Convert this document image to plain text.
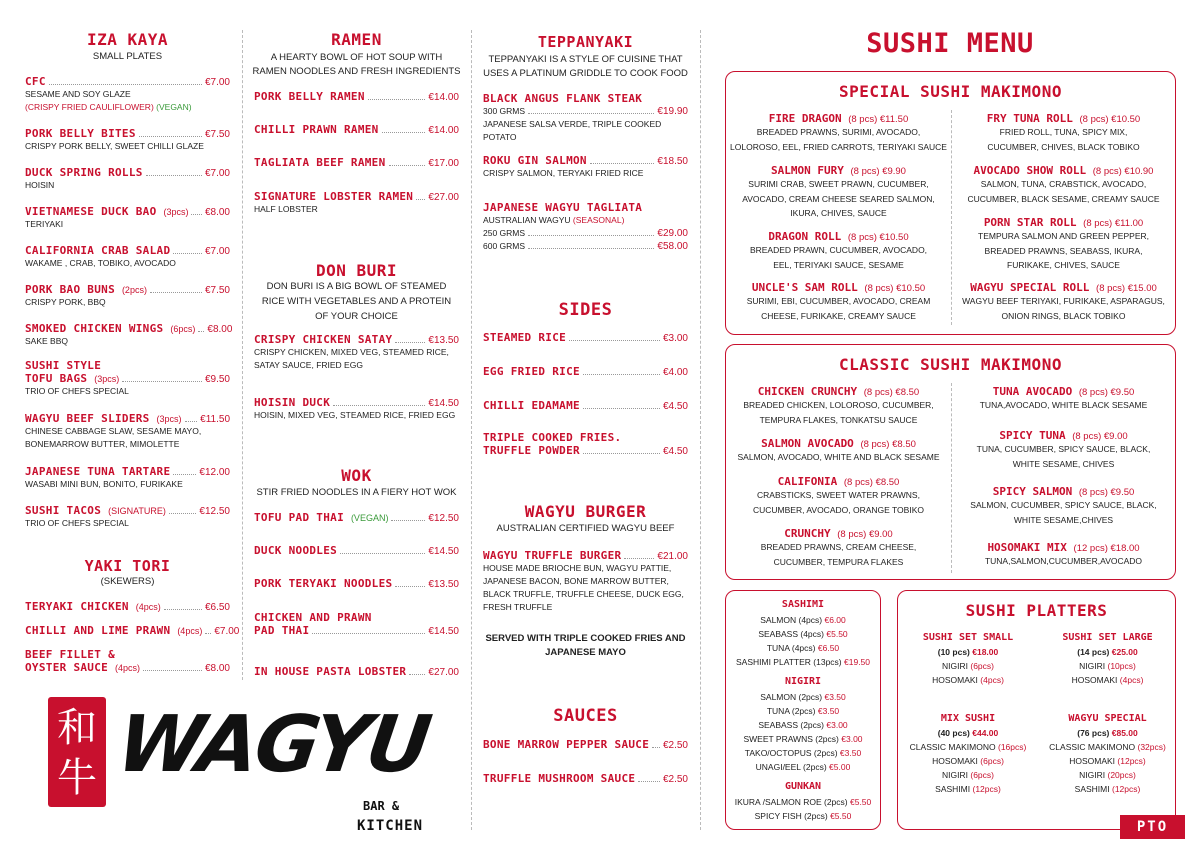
IZA KAYA
SMALL PLATES
CFC	€7.00
SESAME AND SOY GLAZE
(CRISPY FRIED CAULIFLOWER) (VEGAN)
PORK BELLY BITES	€7.50
CRISPY PORK BELLY, SWEET CHILLI GLAZE
DUCK SPRING ROLLS	€7.00
HOISIN
VIETNAMESE DUCK BAO (3pcs) €8.00
TERIYAKI
CALIFORNIA CRAB SALAD	€7.00
WAKAME , CRAB, TOBIKO, AVOCADO
PORK BAO BUNS (2pcs)	€7.50
CRISPY PORK, BBQ
SMOKED CHICKEN WINGS (6pcs) €8.00
SAKE BBQ
SUSHI STYLE
TOFU BAGS (3pcs)	€9.50
TRIO OF CHEFS SPECIAL
WAGYU BEEF SLIDERS (3pcs) €11.50
CHINESE CABBAGE SLAW, SESAME MAYO,
BONEMARROW BUTTER, MIMOLETTE
JAPANESE TUNA TARTARE	€12.00
WASABI MINI BUN, BONITO, FURIKAKE
SUSHI TACOS (SIGNATURE)	€12.50
TRIO OF CHEFS SPECIAL
YAKI TORI
(SKEWERS)
TERYAKI CHICKEN (4pcs)	€6.50
CHILLI AND LIME PRAWN (4pcs) €7.00
BEEF FILLET &
OYSTER SAUCE (4pcs)	€8.00
和牛 WAGYU
BAR &
KITCHEN
RAMEN
A HEARTY BOWL OF HOT SOUP WITH
RAMEN NOODLES AND FRESH INGREDIENTS
PORK BELLY RAMEN	€14.00
CHILLI PRAWN RAMEN	€14.00
TAGLIATA BEEF RAMEN	€17.00
SIGNATURE LOBSTER RAMEN €27.00
HALF LOBSTER
DON BURI
DON BURI IS A BIG BOWL OF STEAMED
RICE WITH VEGETABLES AND A PROTEIN
OF YOUR CHOICE
CRISPY CHICKEN SATAY	€13.50
CRISPY CHICKEN, MIXED VEG, STEAMED RICE,
SATAY SAUCE, FRIED EGG
HOISIN DUCK	€14.50
HOISIN, MIXED VEG, STEAMED RICE, FRIED EGG
WOK
STIR FRIED NOODLES IN A FIERY HOT WOK
TOFU PAD THAI (VEGAN)	€12.50
DUCK NOODLES	€14.50
PORK TERYAKI NOODLES	€13.50
CHICKEN AND PRAWN
PAD THAI	€14.50
IN HOUSE PASTA LOBSTER €27.00
TEPPANYAKI
TEPPANYAKI IS A STYLE OF CUISINE THAT
USES A PLATINUM GRIDDLE TO COOK FOOD
BLACK ANGUS FLANK STEAK
300 GRMS	€19.90
JAPANESE SALSA VERDE, TRIPLE COOKED POTATO
ROKU GIN SALMON	€18.50
CRISPY SALMON, TERYAKI FRIED RICE
JAPANESE WAGYU TAGLIATA
AUSTRALIAN WAGYU (SEASONAL)
250 GRMS	€29.00
600 GRMS	€58.00
SIDES
STEAMED RICE	€3.00
EGG FRIED RICE	€4.00
CHILLI EDAMAME	€4.50
TRIPLE COOKED FRIES.
TRUFFLE POWDER	€4.50
WAGYU BURGER
AUSTRALIAN CERTIFIED WAGYU BEEF
WAGYU TRUFFLE BURGER	€21.00
HOUSE MADE BRIOCHE BUN, WAGYU PATTIE,
JAPANESE BACON, BONE MARROW BUTTER,
BLACK TRUFFLE, TRUFFLE CHEESE, DUCK EGG,
FRESH TRUFFLE
SERVED WITH TRIPLE COOKED FRIES AND
JAPANESE MAYO
SAUCES
BONE MARROW PEPPER SAUCE €2.50
TRUFFLE MUSHROOM SAUCE	€2.50
SUSHI MENU
SPECIAL SUSHI MAKIMONO
FIRE DRAGON (8 pcs) €11.50
BREADED PRAWNS, SURIMI, AVOCADO,
LOLOROSO, EEL, FRIED CARROTS, TERIYAKI SAUCE
SALMON FURY (8 pcs) €9.90
SURIMI CRAB, SWEET PRAWN, CUCUMBER,
AVOCADO, CREAM CHEESE SEARED SALMON,
IKURA, CHIVES, SAUCE
DRAGON ROLL (8 pcs) €10.50
BREADED PRAWN, CUCUMBER, AVOCADO,
EEL, TERIYAKI SAUCE, SESAME
UNCLE'S SAM ROLL (8 pcs) €10.50
SURIMI, EBI, CUCUMBER, AVOCADO, CREAM
CHEESE, FURIKAKE, CREAMY SAUCE
FRY TUNA ROLL (8 pcs) €10.50
FRIED ROLL, TUNA, SPICY MIX,
CUCUMBER, CHIVES, BLACK TOBIKO
AVOCADO SHOW ROLL (8 pcs) €10.90
SALMON, TUNA, CRABSTICK, AVOCADO,
CUCUMBER, BLACK SESAME, CREAMY SAUCE
PORN STAR ROLL (8 pcs) €11.00
TEMPURA SALMON AND GREEN PEPPER,
BREADED PRAWNS, SEABASS, IKURA,
FURIKAKE, CHIVES, SAUCE
WAGYU SPECIAL ROLL (8 pcs) €15.00
WAGYU BEEF TERIYAKI, FURIKAKE, ASPARAGUS,
ONION RINGS, BLACK TOBIKO
CLASSIC SUSHI MAKIMONO
CHICKEN CRUNCHY (8 pcs) €8.50
BREADED CHICKEN, LOLOROSO, CUCUMBER,
TEMPURA FLAKES, TONKATSU SAUCE
SALMON AVOCADO (8 pcs) €8.50
SALMON, AVOCADO, WHITE AND BLACK SESAME
CALIFONIA (8 pcs) €8.50
CRABSTICKS, SWEET WATER PRAWNS,
CUCUMBER, AVOCADO, ORANGE TOBIKO
CRUNCHY (8 pcs) €9.00
BREADED PRAWNS, CREAM CHEESE,
CUCUMBER, TEMPURA FLAKES
TUNA AVOCADO (8 pcs) €9.50
TUNA,AVOCADO, WHITE BLACK SESAME
SPICY TUNA (8 pcs) €9.00
TUNA, CUCUMBER, SPICY SAUCE, BLACK,
WHITE SESAME, CHIVES
SPICY SALMON (8 pcs) €9.50
SALMON, CUCUMBER, SPICY SAUCE, BLACK,
WHITE SESAME,CHIVES
HOSOMAKI MIX (12 pcs) €18.00
TUNA,SALMON,CUCUMBER,AVOCADO
SASHIMI
SALMON (4pcs) €6.00
SEABASS (4pcs) €5.50
TUNA (4pcs) €6.50
SASHIMI PLATTER (13pcs) €19.50
NIGIRI
SALMON (2pcs) €3.50
TUNA (2pcs) €3.50
SEABASS (2pcs) €3.00
SWEET PRAWNS (2pcs) €3.00
TAKO/OCTOPUS (2pcs) €3.50
UNAGI/EEL (2pcs) €5.00
GUNKAN
IKURA /SALMON ROE (2pcs) €5.50
SPICY FISH (2pcs) €5.50
SUSHI PLATTERS
SUSHI SET SMALL
(10 pcs) €18.00
NIGIRI (6pcs)
HOSOMAKI (4pcs)
SUSHI SET LARGE
(14 pcs) €25.00
NIGIRI (10pcs)
HOSOMAKI (4pcs)
MIX SUSHI
(40 pcs) €44.00
CLASSIC MAKIMONO (16pcs)
HOSOMAKI (6pcs)
NIGIRI (6pcs)
SASHIMI (12pcs)
WAGYU SPECIAL
(76 pcs) €85.00
CLASSIC MAKIMONO (32pcs)
HOSOMAKI (12pcs)
NIGIRI (20pcs)
SASHIMI (12pcs)
PTO
